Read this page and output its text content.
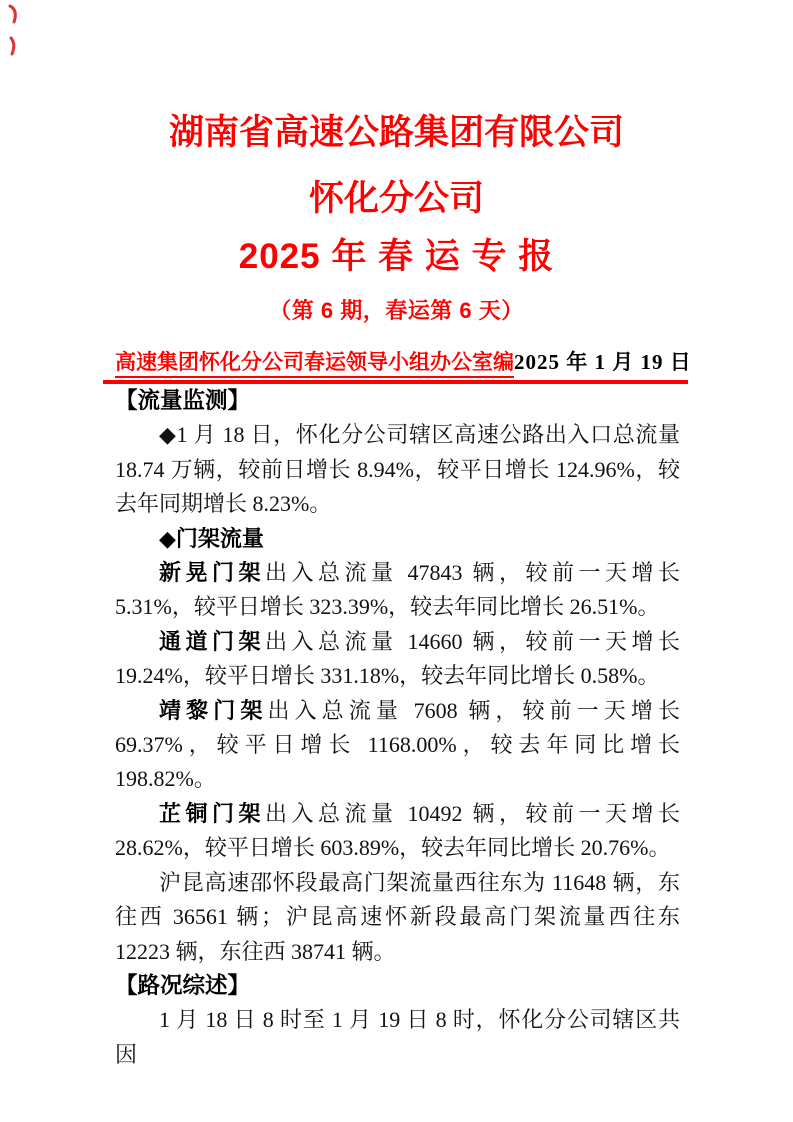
湖南省高速公路集团有限公司
怀化分公司
2025 年 春 运 专 报
（第 6 期，春运第 6 天）
高速集团怀化分公司春运领导小组办公室编 2025 年 1 月 19 日

【流量监测】

◆1 月 18 日，怀化分公司辖区高速公路出入口总流量 18.74 万辆，较前日增长 8.94%，较平日增长 124.96%，较去年同期增长 8.23%。

◆门架流量

新晃门架出入总流量 47843 辆，较前一天增长 5.31%，较平日增长 323.39%，较去年同比增长 26.51%。

通道门架出入总流量 14660 辆，较前一天增长 19.24%，较平日增长 331.18%，较去年同比增长 0.58%。

靖黎门架出入总流量 7608 辆，较前一天增长 69.37%，较平日增长 1168.00%，较去年同比增长 198.82%。

芷铜门架出入总流量 10492 辆，较前一天增长 28.62%，较平日增长 603.89%，较去年同比增长 20.76%。

沪昆高速邵怀段最高门架流量西往东为 11648 辆，东往西 36561 辆；沪昆高速怀新段最高门架流量西往东 12223 辆，东往西 38741 辆。

【路况综述】

1 月 18 日 8 时至 1 月 19 日 8 时，怀化分公司辖区共因
